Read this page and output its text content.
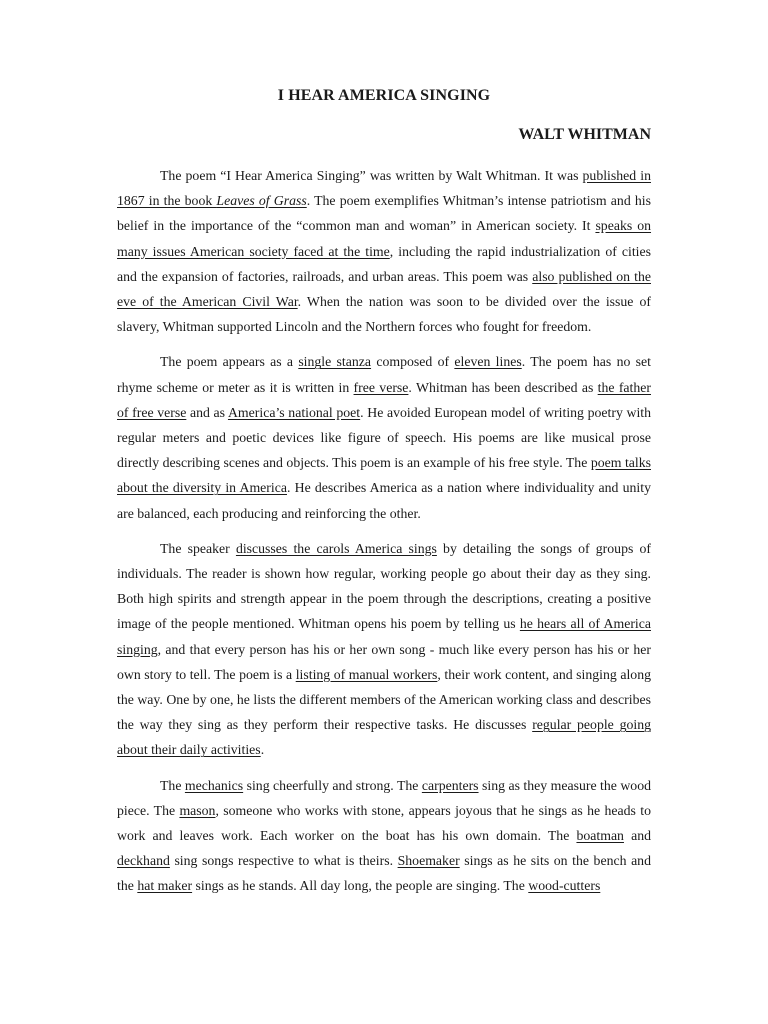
I HEAR AMERICA SINGING
WALT WHITMAN

The poem “I Hear America Singing” was written by Walt Whitman. It was published in 1867 in the book Leaves of Grass. The poem exemplifies Whitman’s intense patriotism and his belief in the importance of the “common man and woman” in American society. It speaks on many issues American society faced at the time, including the rapid industrialization of cities and the expansion of factories, railroads, and urban areas. This poem was also published on the eve of the American Civil War. When the nation was soon to be divided over the issue of slavery, Whitman supported Lincoln and the Northern forces who fought for freedom.

The poem appears as a single stanza composed of eleven lines. The poem has no set rhyme scheme or meter as it is written in free verse. Whitman has been described as the father of free verse and as America’s national poet. He avoided European model of writing poetry with regular meters and poetic devices like figure of speech. His poems are like musical prose directly describing scenes and objects. This poem is an example of his free style. The poem talks about the diversity in America. He describes America as a nation where individuality and unity are balanced, each producing and reinforcing the other.

The speaker discusses the carols America sings by detailing the songs of groups of individuals. The reader is shown how regular, working people go about their day as they sing. Both high spirits and strength appear in the poem through the descriptions, creating a positive image of the people mentioned. Whitman opens his poem by telling us he hears all of America singing, and that every person has his or her own song - much like every person has his or her own story to tell. The poem is a listing of manual workers, their work content, and singing along the way. One by one, he lists the different members of the American working class and describes the way they sing as they perform their respective tasks. He discusses regular people going about their daily activities.

The mechanics sing cheerfully and strong. The carpenters sing as they measure the wood piece. The mason, someone who works with stone, appears joyous that he sings as he heads to work and leaves work. Each worker on the boat has his own domain. The boatman and deckhand sing songs respective to what is theirs. Shoemaker sings as he sits on the bench and the hat maker sings as he stands. All day long, the people are singing. The wood-cutters
